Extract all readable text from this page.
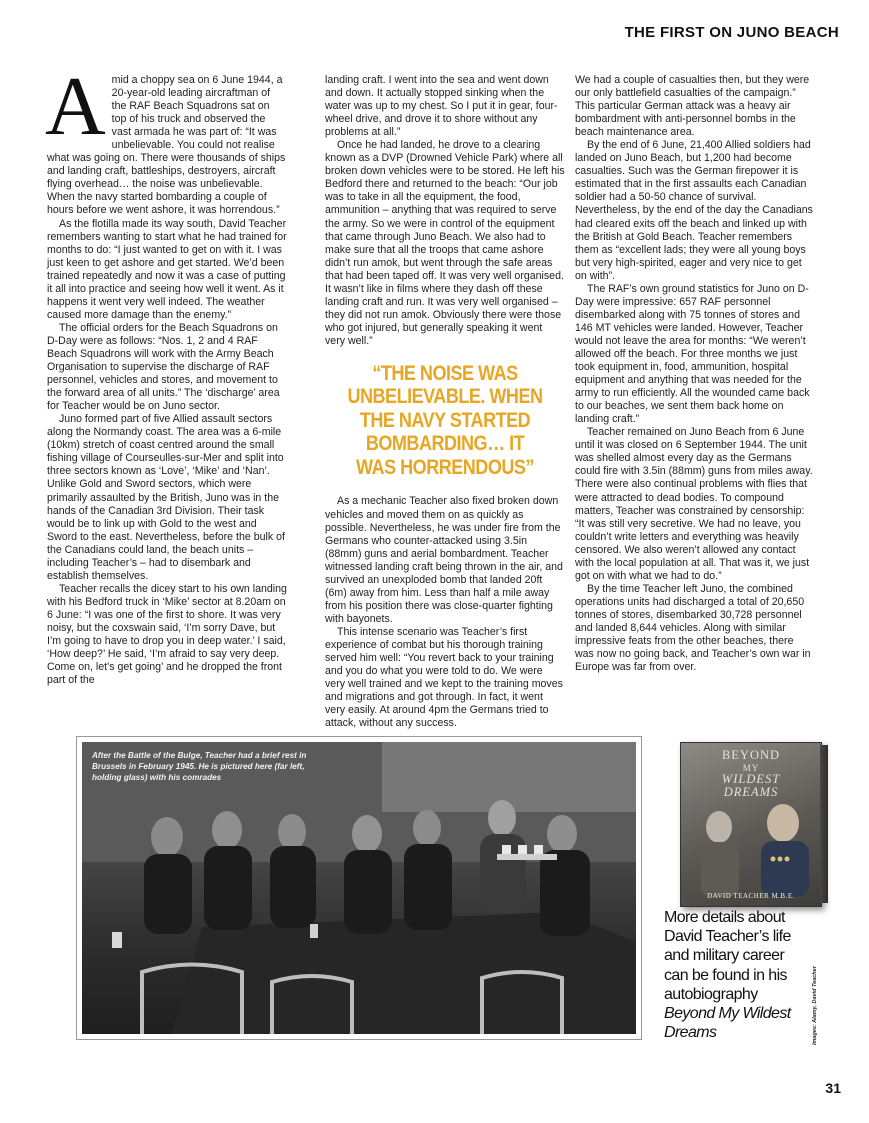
THE FIRST ON JUNO BEACH

Amid a choppy sea on 6 June 1944, a 20-year-old leading aircraftman of the RAF Beach Squadrons sat on top of his truck and observed the vast armada he was part of: “It was unbelievable. You could not realise what was going on. There were thousands of ships and landing craft, battleships, destroyers, aircraft flying overhead… the noise was unbelievable. When the navy started bombarding a couple of hours before we went ashore, it was horrendous.”

As the flotilla made its way south, David Teacher remembers wanting to start what he had trained for months to do: “I just wanted to get on with it. I was just keen to get ashore and get started. We’d been trained repeatedly and now it was a case of putting it all into practice and seeing how well it went. As it happens it went very well indeed. The weather caused more damage than the enemy.”

The official orders for the Beach Squadrons on D-Day were as follows: “Nos. 1, 2 and 4 RAF Beach Squadrons will work with the Army Beach Organisation to supervise the discharge of RAF personnel, vehicles and stores, and movement to the forward area of all units.” The ‘discharge’ area for Teacher would be on Juno sector.

Juno formed part of five Allied assault sectors along the Normandy coast. The area was a 6-mile (10km) stretch of coast centred around the small fishing village of Courseulles-sur-Mer and split into three sectors known as ‘Love’, ‘Mike’ and ‘Nan’. Unlike Gold and Sword sectors, which were primarily assaulted by the British, Juno was in the hands of the Canadian 3rd Division. Their task would be to link up with Gold to the west and Sword to the east. Nevertheless, before the bulk of the Canadians could land, the beach units – including Teacher’s – had to disembark and establish themselves.

Teacher recalls the dicey start to his own landing with his Bedford truck in ‘Mike’ sector at 8.20am on 6 June: “I was one of the first to shore. It was very noisy, but the coxswain said, ‘I’m sorry Dave, but I’m going to have to drop you in deep water.’ I said, ‘How deep?’ He said, ‘I’m afraid to say very deep. Come on, let’s get going’ and he dropped the front part of the

landing craft. I went into the sea and went down and down. It actually stopped sinking when the water was up to my chest. So I put it in gear, four-wheel drive, and drove it to shore without any problems at all.”

Once he had landed, he drove to a clearing known as a DVP (Drowned Vehicle Park) where all broken down vehicles were to be stored. He left his Bedford there and returned to the beach: “Our job was to take in all the equipment, the food, ammunition – anything that was required to serve the army. So we were in control of the equipment that came through Juno Beach. We also had to make sure that all the troops that came ashore didn’t run amok, but went through the safe areas that had been taped off. It was very well organised. It wasn’t like in films where they dash off these landing craft and run. It was very well organised – they did not run amok. Obviously there were those who got injured, but generally speaking it went very well.”

“THE NOISE WAS UNBELIEVABLE. WHEN THE NAVY STARTED BOMBARDING… IT WAS HORRENDOUS”

As a mechanic Teacher also fixed broken down vehicles and moved them on as quickly as possible. Nevertheless, he was under fire from the Germans who counter-attacked using 3.5in (88mm) guns and aerial bombardment. Teacher witnessed landing craft being thrown in the air, and survived an unexploded bomb that landed 20ft (6m) away from him. Less than half a mile away from his position there was close-quarter fighting with bayonets.

This intense scenario was Teacher’s first experience of combat but his thorough training served him well: “You revert back to your training and you do what you were told to do. We were very well trained and we kept to the training moves and migrations and got through. In fact, it went very easily. At around 4pm the Germans tried to attack, without any success.

We had a couple of casualties then, but they were our only battlefield casualties of the campaign.” This particular German attack was a heavy air bombardment with anti-personnel bombs in the beach maintenance area.

By the end of 6 June, 21,400 Allied soldiers had landed on Juno Beach, but 1,200 had become casualties. Such was the German firepower it is estimated that in the first assaults each Canadian soldier had a 50-50 chance of survival. Nevertheless, by the end of the day the Canadians had cleared exits off the beach and linked up with the British at Gold Beach. Teacher remembers them as “excellent lads; they were all young boys but very high-spirited, eager and very nice to get on with”.

The RAF’s own ground statistics for Juno on D-Day were impressive: 657 RAF personnel disembarked along with 75 tonnes of stores and 146 MT vehicles were landed. However, Teacher would not leave the area for months: “We weren’t allowed off the beach. For three months we just took equipment in, food, ammunition, hospital equipment and anything that was needed for the army to run efficiently. All the wounded came back to our beaches, we sent them back home on landing craft.”

Teacher remained on Juno Beach from 6 June until it was closed on 6 September 1944. The unit was shelled almost every day as the Germans could fire with 3.5in (88mm) guns from miles away. There were also continual problems with flies that were attracted to dead bodies. To compound matters, Teacher was constrained by censorship: “It was still very secretive. We had no leave, you couldn’t write letters and everything was heavily censored. We also weren’t allowed any contact with the local population at all. That was it, we just got on with what we had to do.”

By the time Teacher left Juno, the combined operations units had discharged a total of 20,650 tonnes of stores, disembarked 30,728 personnel and landed 8,644 vehicles. Along with similar impressive feats from the other beaches, there was now no going back, and Teacher’s own war in Europe was far from over.

After the Battle of the Bulge, Teacher had a brief rest in Brussels in February 1945. He is pictured here (far left, holding glass) with his comrades
BEYOND
MY
WILDEST
DREAMS
DAVID TEACHER M.B.E.
More details about David Teacher’s life and military career can be found in his autobiography Beyond My Wildest Dreams	Images: Alamy, David Teacher
31
